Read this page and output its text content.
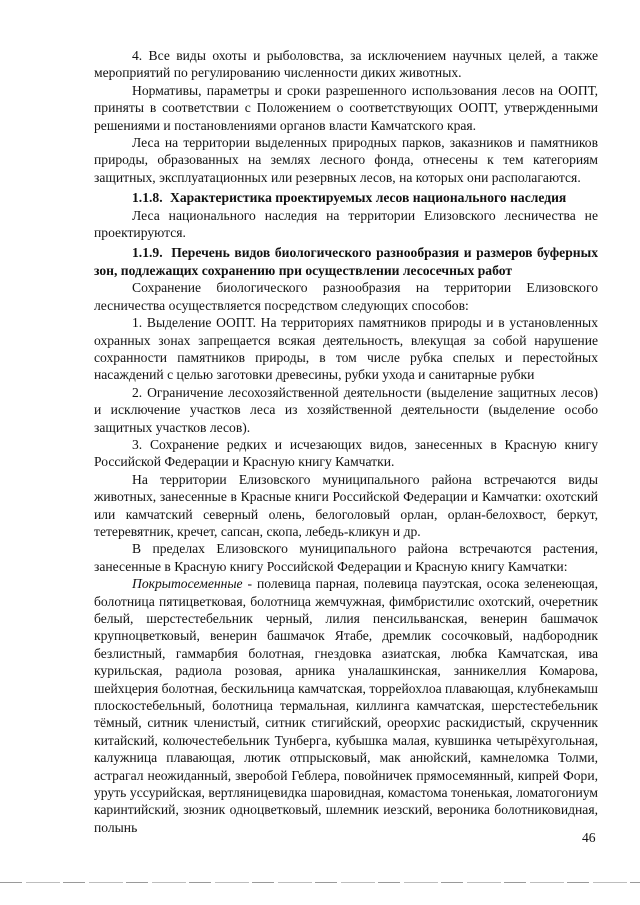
4. Все виды охоты и рыболовства, за исключением научных целей, а также мероприятий по регулированию численности диких животных.

Нормативы, параметры и сроки разрешенного использования лесов на ООПТ, приняты в соответствии с Положением о соответствующих ООПТ, утвержденными решениями и постановлениями органов власти Камчатского края.

Леса на территории выделенных природных парков, заказников и памятников природы, образованных на землях лесного фонда, отнесены к тем категориям защитных, эксплуатационных или резервных лесов, на которых они располагаются.

1.1.8. Характеристика проектируемых лесов национального наследия

Леса национального наследия на территории Елизовского лесничества не проектируются.

1.1.9. Перечень видов биологического разнообразия и размеров буферных зон, подлежащих сохранению при осуществлении лесосечных работ

Сохранение биологического разнообразия на территории Елизовского лесничества осуществляется посредством следующих способов:

1. Выделение ООПТ. На территориях памятников природы и в установленных охранных зонах запрещается всякая деятельность, влекущая за собой нарушение сохранности памятников природы, в том числе рубка спелых и перестойных насаждений с целью заготовки древесины, рубки ухода и санитарные рубки

2. Ограничение лесохозяйственной деятельности (выделение защитных лесов) и исключение участков леса из хозяйственной деятельности (выделение особо защитных участков лесов).

3. Сохранение редких и исчезающих видов, занесенных в Красную книгу Российской Федерации и Красную книгу Камчатки.

На территории Елизовского муниципального района встречаются виды животных, занесенные в Красные книги Российской Федерации и Камчатки: охотский или камчатский северный олень, белоголовый орлан, орлан-белохвост, беркут, тетеревятник, кречет, сапсан, скопа, лебедь-кликун и др.

В пределах Елизовского муниципального района встречаются растения, занесенные в Красную книгу Российской Федерации и Красную книгу Камчатки:

Покрытосеменные - полевица парная, полевица пауэтская, осока зеленеющая, болотница пятицветковая, болотница жемчужная, фимбристилис охотский, очеретник белый, шерстестебельник черный, лилия пенсильванская, венерин башмачок крупноцветковый, венерин башмачок Ятабе, дремлик сосочковый, надбородник безлистный, гаммарбия болотная, гнездовка азиатская, любка Камчатская, ива курильская, радиола розовая, арника уналашкинская, занникеллия Комарова, шейхцерия болотная, бескильница камчатская, торрейохлоа плавающая, клубнекамыш плоскостебельный, болотница термальная, киллинга камчатская, шерстестебельник тёмный, ситник членистый, ситник стигийский, ореорхис раскидистый, скрученник китайский, колючестебельник Тунберга, кубышка малая, кувшинка четырёхугольная, калужница плавающая, лютик отпрысковый, мак анюйский, камнеломка Толми, астрагал неожиданный, зверобой Геблера, повойничек прямосемянный, кипрей Фори, уруть уссурийская, вертляницевидка шаровидная, комастома тоненькая, ломатогониум каринтийский, зюзник одноцветковый, шлемник иезский, вероника болотниковидная, полынь

46
